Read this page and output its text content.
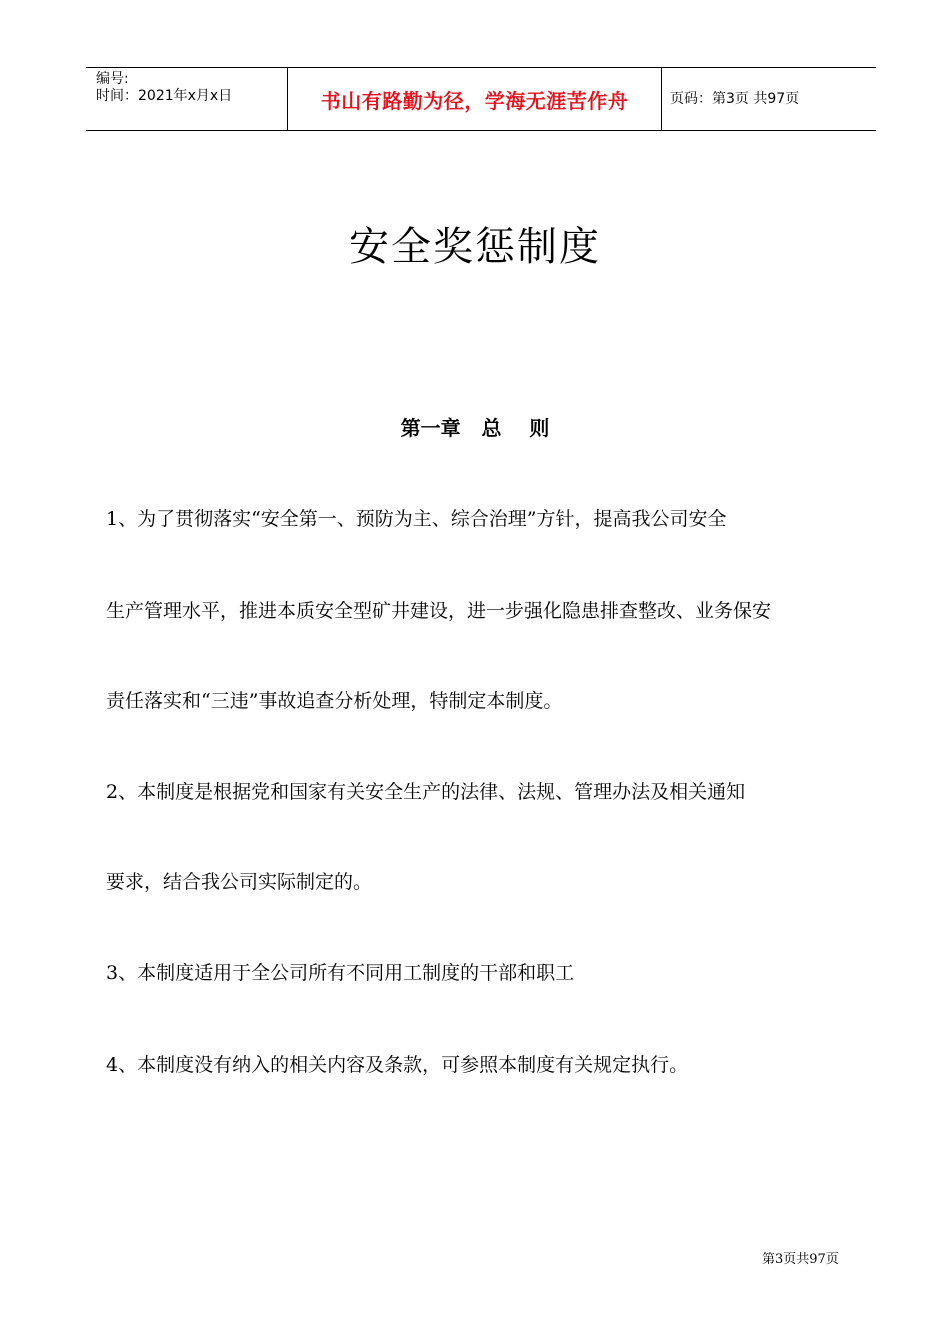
编号:
时间：2021年x月x日	书山有路勤为径，学海无涯苦作舟	页码：第3页 共97页
安全奖惩制度
第一章   总    则
1、为了贯彻落实“安全第一、预防为主、综合治理”方针，提高我公司安全
生产管理水平，推进本质安全型矿井建设，进一步强化隐患排查整改、业务保安
责任落实和“三违”事故追查分析处理，特制定本制度。
2、本制度是根据党和国家有关安全生产的法律、法规、管理办法及相关通知
要求，结合我公司实际制定的。
3、本制度适用于全公司所有不同用工制度的干部和职工
4、本制度没有纳入的相关内容及条款，可参照本制度有关规定执行。
第3页共97页
